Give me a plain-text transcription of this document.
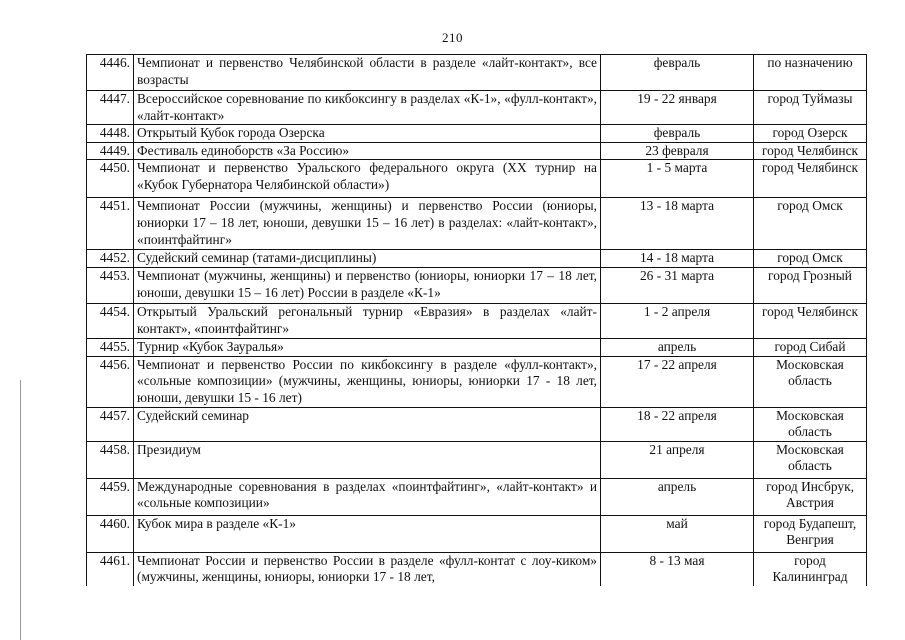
210
4446.	Чемпионат и первенство Челябинской области в разделе «лайт-контакт», все возрасты	февраль	по назначению
4447.	Всероссийское соревнование по кикбоксингу в разделах «К-1», «фулл-контакт», «лайт-контакт»	19 - 22 января	город Туймазы
4448.	Открытый Кубок города Озерска	февраль	город Озерск
4449.	Фестиваль единоборств «За Россию»	23 февраля	город Челябинск
4450.	Чемпионат и первенство Уральского федерального округа (XX турнир на «Кубок Губернатора Челябинской области»)	1 - 5 марта	город Челябинск
4451.	Чемпионат России (мужчины, женщины) и первенство России (юниоры, юниорки 17 – 18 лет, юноши, девушки 15 – 16 лет) в разделах: «лайт-контакт», «поинтфайтинг»	13 - 18 марта	город Омск
4452.	Судейский семинар (татами-дисциплины)	14 - 18 марта	город Омск
4453.	Чемпионат (мужчины, женщины) и первенство (юниоры, юниорки 17 – 18 лет, юноши, девушки 15 – 16 лет) России в разделе «К-1»	26 - 31 марта	город Грозный
4454.	Открытый Уральский регональный турнир «Евразия» в разделах «лайт-контакт», «поинтфайтинг»	1 - 2 апреля	город Челябинск
4455.	Турнир «Кубок Зауралья»	апрель	город Сибай
4456.	Чемпионат и первенство России по кикбоксингу в разделе «фулл-контакт», «сольные композиции» (мужчины, женщины, юниоры, юниорки 17 - 18 лет, юноши, девушки 15 - 16 лет)	17 - 22 апреля	Московская область
4457.	Судейский семинар	18 - 22 апреля	Московская область
4458.	Президиум	21 апреля	Московская область
4459.	Международные соревнования в разделах «поинтфайтинг», «лайт-контакт» и «сольные композиции»	апрель	город Инсбрук, Австрия
4460.	Кубок мира в разделе «К-1»	май	город Будапешт, Венгрия
4461.	Чемпионат России и первенство России в разделе «фулл-контат с лоу-киком» (мужчины, женщины, юниоры, юниорки 17 - 18 лет,	8 - 13 мая	город Калининград
